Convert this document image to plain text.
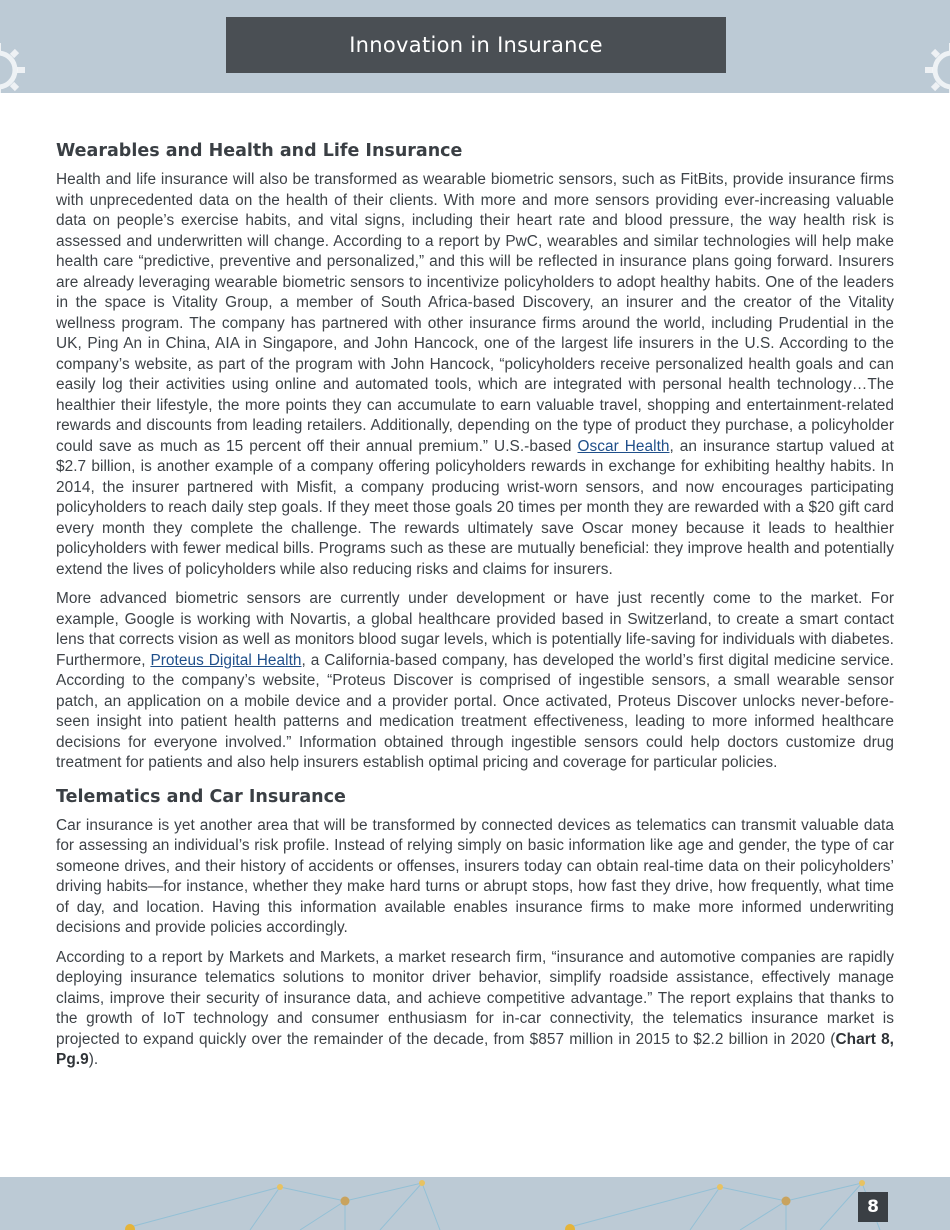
Innovation in Insurance
Wearables and Health and Life Insurance

Health and life insurance will also be transformed as wearable biometric sensors, such as FitBits, provide insurance firms with unprecedented data on the health of their clients. With more and more sensors providing ever-increasing valuable data on people’s exercise habits, and vital signs, including their heart rate and blood pressure, the way health risk is assessed and underwritten will change. According to a report by PwC, wearables and similar technologies will help make health care “predictive, preventive and personalized,” and this will be reflected in insurance plans going forward. Insurers are already leveraging wearable biometric sensors to incentivize policyholders to adopt healthy habits. One of the leaders in the space is Vitality Group, a member of South Africa-based Discovery, an insurer and the creator of the Vitality wellness program. The company has partnered with other insurance firms around the world, including Prudential in the UK, Ping An in China, AIA in Singapore, and John Hancock, one of the largest life insurers in the U.S. According to the company’s website, as part of the program with John Hancock, “policyholders receive personalized health goals and can easily log their activities using online and automated tools, which are integrated with personal health technology…The healthier their lifestyle, the more points they can accumulate to earn valuable travel, shopping and entertainment-related rewards and discounts from leading retailers. Additionally, depending on the type of product they purchase, a policyholder could save as much as 15 percent off their annual premium.” U.S.-based Oscar Health, an insurance startup valued at $2.7 billion, is another example of a company offering policyholders rewards in exchange for exhibiting healthy habits. In 2014, the insurer partnered with Misfit, a company producing wrist-worn sensors, and now encourages participating policyholders to reach daily step goals. If they meet those goals 20 times per month they are rewarded with a $20 gift card every month they complete the challenge. The rewards ultimately save Oscar money because it leads to healthier policyholders with fewer medical bills. Programs such as these are mutually beneficial: they improve health and potentially extend the lives of policyholders while also reducing risks and claims for insurers.

More advanced biometric sensors are currently under development or have just recently come to the market. For example, Google is working with Novartis, a global healthcare provided based in Switzerland, to create a smart contact lens that corrects vision as well as monitors blood sugar levels, which is potentially life-saving for individuals with diabetes. Furthermore, Proteus Digital Health, a California-based company, has developed the world’s first digital medicine service. According to the company’s website, “Proteus Discover is comprised of ingestible sensors, a small wearable sensor patch, an application on a mobile device and a provider portal. Once activated, Proteus Discover unlocks never-before-seen insight into patient health patterns and medication treatment effectiveness, leading to more informed healthcare decisions for everyone involved.” Information obtained through ingestible sensors could help doctors customize drug treatment for patients and also help insurers establish optimal pricing and coverage for particular policies.

Telematics and Car Insurance

Car insurance is yet another area that will be transformed by connected devices as telematics can transmit valuable data for assessing an individual’s risk profile. Instead of relying simply on basic information like age and gender, the type of car someone drives, and their history of accidents or offenses, insurers today can obtain real-time data on their policyholders’ driving habits—for instance, whether they make hard turns or abrupt stops, how fast they drive, how frequently, what time of day, and location. Having this information available enables insurance firms to make more informed underwriting decisions and provide policies accordingly.

According to a report by Markets and Markets, a market research firm, “insurance and automotive companies are rapidly deploying insurance telematics solutions to monitor driver behavior, simplify roadside assistance, effectively manage claims, improve their security of insurance data, and achieve competitive advantage.” The report explains that thanks to the growth of IoT technology and consumer enthusiasm for in-car connectivity, the telematics insurance market is projected to expand quickly over the remainder of the decade, from $857 million in 2015 to $2.2 billion in 2020 (Chart 8, Pg.9).

8
